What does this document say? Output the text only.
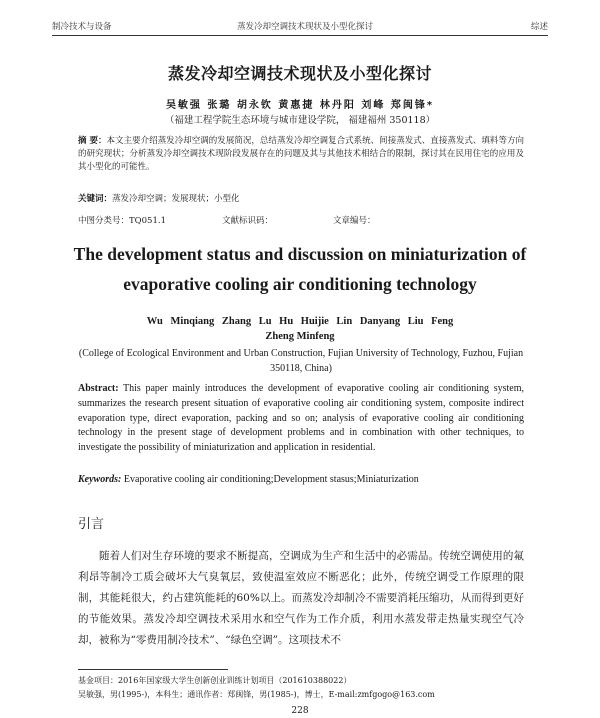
制冷技术与设备	蒸发冷却空调技术现状及小型化探讨	综述
蒸发冷却空调技术现状及小型化探讨
吴敏强 张璐 胡永钦 黄惠捷 林丹阳 刘峰 郑闽锋*
（福建工程学院生态环境与城市建设学院， 福建福州 350118）
摘 要：本文主要介绍蒸发冷却空调的发展简况，总结蒸发冷却空调复合式系统、间接蒸发式、直接蒸发式、填料等方向的研究现状；分析蒸发冷却空调技术现阶段发展存在的问题及其与其他技术相结合的限制，探讨其在民用住宅的应用及其小型化的可能性。
关键词：蒸发冷却空调；发展现状；小型化
中图分类号：TQ051.1	文献标识码：	文章编号：
The development status and discussion on miniaturization of
evaporative cooling air conditioning technology
Wu Minqiang Zhang Lu Hu Huijie Lin Danyang Liu Feng
Zheng Minfeng
(College of Ecological Environment and Urban Construction, Fujian University of Technology, Fuzhou, Fujian 350118, China)
Abstract: This paper mainly introduces the development of evaporative cooling air conditioning system, summarizes the research present situation of evaporative cooling air conditioning system, composite indirect evaporation type, direct evaporation, packing and so on; analysis of evaporative cooling air conditioning technology in the present stage of development problems and in combination with other techniques, to investigate the possibility of miniaturization and application in residential.
Keywords: Evaporative cooling air conditioning;Development stasus;Miniaturization
引言
随着人们对生存环境的要求不断提高，空调成为生产和生活中的必需品。传统空调使用的氟利昂等制冷工质会破坏大气臭氧层，致使温室效应不断恶化；此外，传统空调受工作原理的限制，其能耗很大，约占建筑能耗的60%以上。而蒸发冷却制冷不需要消耗压缩功，从而得到更好的节能效果。蒸发冷却空调技术采用水和空气作为工作介质，利用水蒸发带走热量实现空气冷却，被称为“零费用制冷技术”、“绿色空调”。这项技术不
基金项目：2016年国家级大学生创新创业训练计划项目（201610388022）
吴敏强，男(1995-)，本科生；通讯作者：郑闽锋，男(1985-)，博士，E-mail:zmfgogo@163.com
228
